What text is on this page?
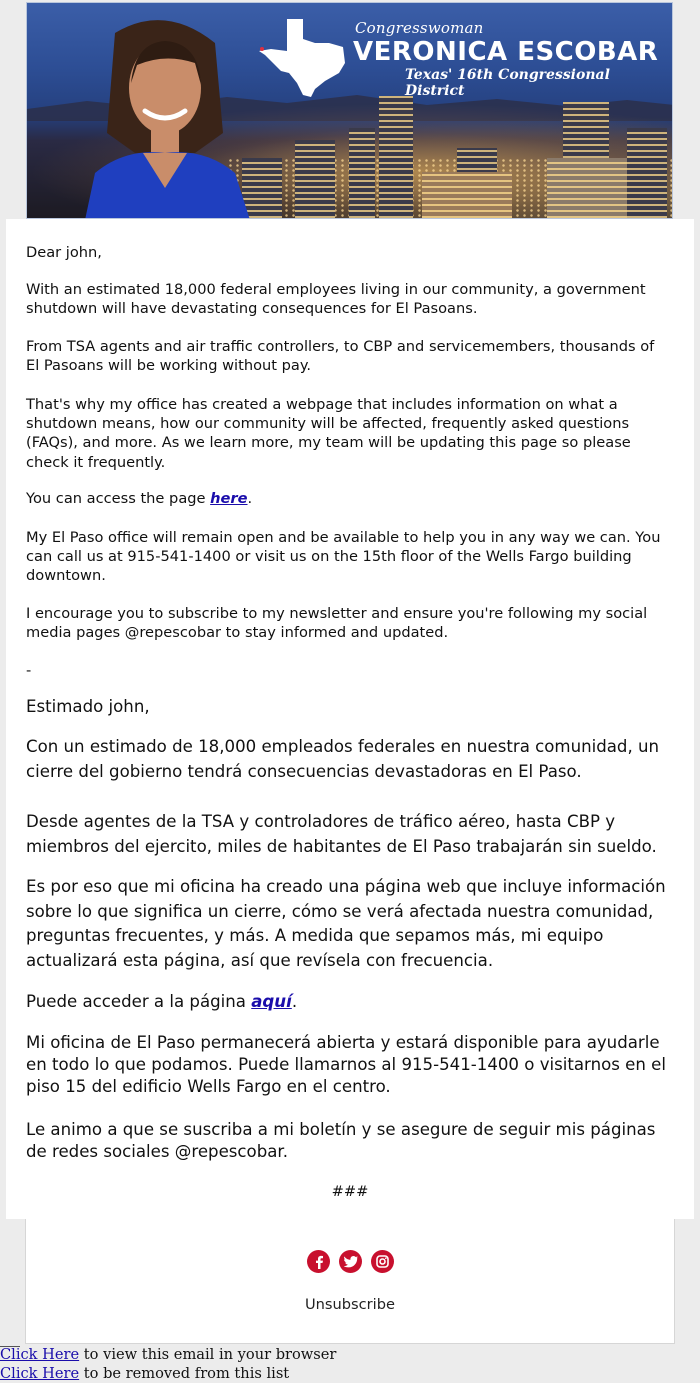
Congresswoman
VERONICA ESCOBAR
Texas' 16th Congressional District

Dear john,

With an estimated 18,000 federal employees living in our community, a government shutdown will have devastating consequences for El Pasoans.

From TSA agents and air traffic controllers, to CBP and servicemembers, thousands of El Pasoans will be working without pay.

That's why my office has created a webpage that includes information on what a shutdown means, how our community will be affected, frequently asked questions (FAQs), and more. As we learn more, my team will be updating this page so please check it frequently.

You can access the page here.

My El Paso office will remain open and be available to help you in any way we can. You can call us at 915-541-1400 or visit us on the 15th floor of the Wells Fargo building downtown.

I encourage you to subscribe to my newsletter and ensure you're following my social media pages @repescobar to stay informed and updated.

-

Estimado john,

Con un estimado de 18,000 empleados federales en nuestra comunidad, un cierre del gobierno tendrá consecuencias devastadoras en El Paso.

Desde agentes de la TSA y controladores de tráfico aéreo, hasta CBP y miembros del ejercito, miles de habitantes de El Paso trabajarán sin sueldo.

Es por eso que mi oficina ha creado una página web que incluye información sobre lo que significa un cierre, cómo se verá afectada nuestra comunidad, preguntas frecuentes, y más. A medida que sepamos más, mi equipo actualizará esta página, así que revísela con frecuencia.

Puede acceder a la página aquí.

Mi oficina de El Paso permanecerá abierta y estará disponible para ayudarle en todo lo que podamos. Puede llamarnos al 915-541-1400 o visitarnos en el piso 15 del edificio Wells Fargo en el centro.

Le animo a que se suscriba a mi boletín y se asegure de seguir mis páginas de redes sociales @repescobar.

###
Unsubscribe
Click Here to view this email in your browser
Click Here to be removed from this list
